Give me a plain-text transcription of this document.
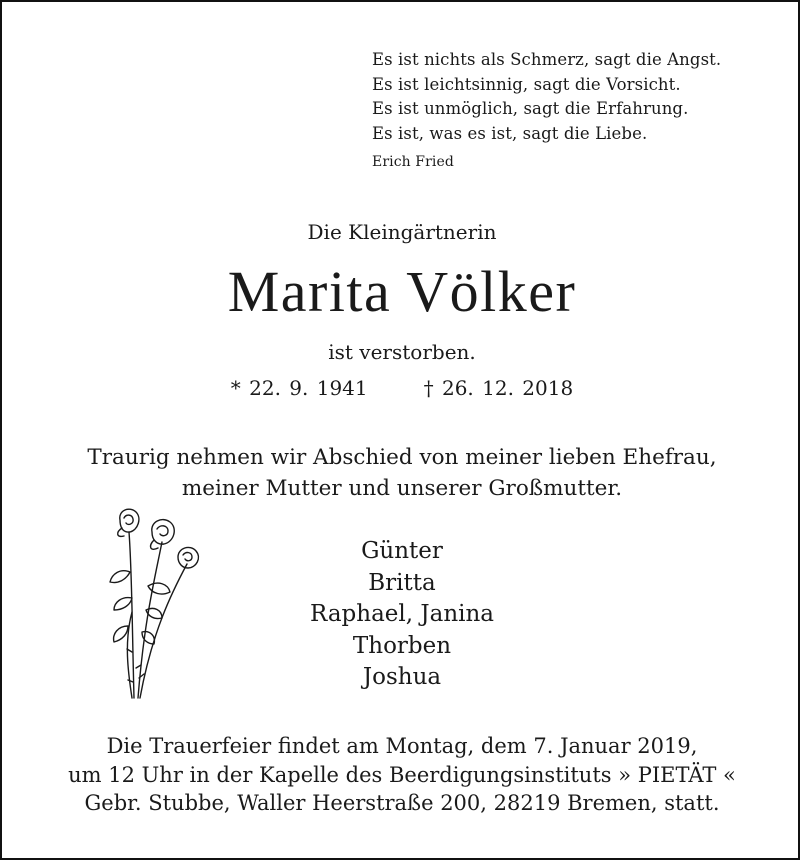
Es ist nichts als Schmerz, sagt die Angst.
Es ist leichtsinnig, sagt die Vorsicht.
Es ist unmöglich, sagt die Erfahrung.
Es ist, was es ist, sagt die Liebe.
Erich Fried
Die Kleingärtnerin
Marita Völker
ist verstorben.
* 22. 9. 1941	† 26. 12. 2018
Traurig nehmen wir Abschied von meiner lieben Ehefrau,
meiner Mutter und unserer Großmutter.
Günter
Britta
Raphael, Janina
Thorben
Joshua
Die Trauerfeier findet am Montag, dem 7. Januar 2019,
um 12 Uhr in der Kapelle des Beerdigungsinstituts » PIETÄT «
Gebr. Stubbe, Waller Heerstraße 200, 28219 Bremen, statt.
